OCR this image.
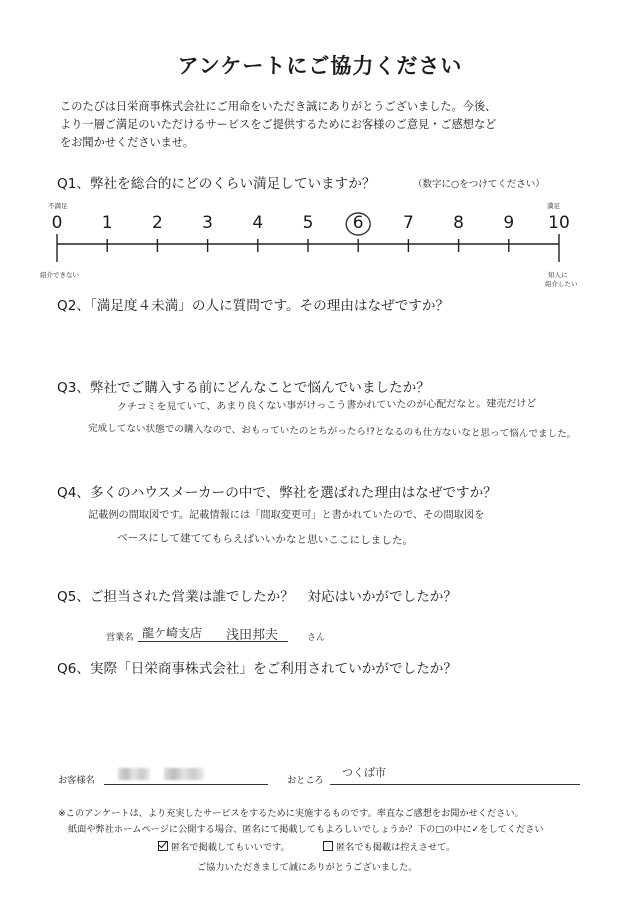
アンケートにご協力ください
このたびは日栄商事株式会社にご用命をいただき誠にありがとうございました。今後、
より一層ご満足のいただけるサービスをご提供するためにお客様のご意見・ご感想など
をお聞かせくださいませ。
Q1、弊社を総合的にどのくらい満足していますか？	（数字に○をつけてください）
不満足
紹介できない
満足
知人に
紹介したい
0	1	2	3	4	5	6	7	8	9	10
Q2、「満足度４未満」の人に質問です。その理由はなぜですか？
Q3、弊社でご購入する前にどんなことで悩んでいましたか？
クチコミを見ていて、あまり良くない事がけっこう書かれていたのが心配だなと。建売だけど
完成してない状態での購入なので、おもっていたのとちがったら!?となるのも仕方ないなと思って悩んでました。
Q4、多くのハウスメーカーの中で、弊社を選ばれた理由はなぜですか？
記載例の間取図です。記載情報には「間取変更可」と書かれていたので、その間取図を
ベースにして建ててもらえばいいかなと思いここにしました。
Q5、ご担当された営業は誰でしたか？　対応はいかがでしたか？
営業名 龍ケ崎支店 浅田邦夫	さん
Q6、実際「日栄商事株式会社」をご利用されていかがでしたか？
お客様名	おところ
つくば市
※このアンケートは、より充実したサービスをするために実施するものです。率直なご感想をお聞かせください。
紙面や弊社ホームページに公開する場合、匿名にて掲載してもよろしいでしょうか？下の□の中に✓をしてください
匿名で掲載してもいいです。	匿名でも掲載は控えさせて。
ご協力いただきまして誠にありがとうございました。
